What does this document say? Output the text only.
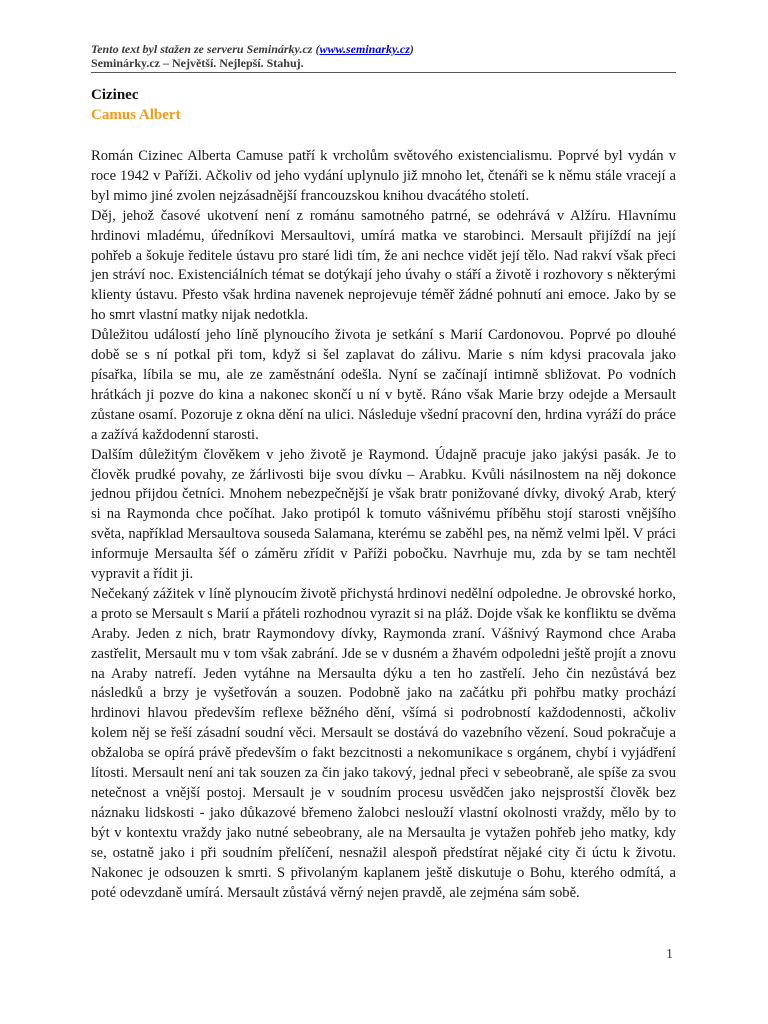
Tento text byl stažen ze serveru Seminárky.cz (www.seminarky.cz)
Seminárky.cz – Největší. Nejlepší. Stahuj.
Cizinec
Camus Albert

Román Cizinec Alberta Camuse patří k vrcholům světového existencialismu. Poprvé byl vydán v roce 1942 v Paříži. Ačkoliv od jeho vydání uplynulo již mnoho let, čtenáři se k němu stále vracejí a byl mimo jiné zvolen nejzásadnější francouzskou knihou dvacátého století.

Děj, jehož časové ukotvení není z románu samotného patrné, se odehrává v Alžíru. Hlavnímu hrdinovi mladému, úředníkovi Mersaultovi, umírá matka ve starobinci. Mersault přijíždí na její pohřeb a šokuje ředitele ústavu pro staré lidi tím, že ani nechce vidět její tělo. Nad rakví však přeci jen stráví noc. Existenciálních témat se dotýkají jeho úvahy o stáří a životě i rozhovory s některými klienty ústavu. Přesto však hrdina navenek neprojevuje téměř žádné pohnutí ani emoce. Jako by se ho smrt vlastní matky nijak nedotkla.

Důležitou událostí jeho líně plynoucího života je setkání s Marií Cardonovou. Poprvé po dlouhé době se s ní potkal při tom, když si šel zaplavat do zálivu. Marie s ním kdysi pracovala jako písařka, líbila se mu, ale ze zaměstnání odešla. Nyní se začínají intimně sbližovat. Po vodních hrátkách ji pozve do kina a nakonec skončí u ní v bytě. Ráno však Marie brzy odejde a Mersault zůstane osamí. Pozoruje z okna dění na ulici. Následuje všední pracovní den, hrdina vyráží do práce a zažívá každodenní starosti.

Dalším důležitým člověkem v jeho životě je Raymond. Údajně pracuje jako jakýsi pasák. Je to člověk prudké povahy, ze žárlivosti bije svou dívku – Arabku. Kvůli násilnostem na něj dokonce jednou přijdou četníci. Mnohem nebezpečnější je však bratr ponižované dívky, divoký Arab, který si na Raymonda chce počíhat. Jako protipól k tomuto vášnivému příběhu stojí starosti vnějšího světa, například Mersaultova souseda Salamana, kterému se zaběhl pes, na němž velmi lpěl. V práci informuje Mersaulta šéf o záměru zřídit v Paříži pobočku. Navrhuje mu, zda by se tam nechtěl vypravit a řídit ji.

Nečekaný zážitek v líně plynoucím životě přichystá hrdinovi nedělní odpoledne. Je obrovské horko, a proto se Mersault s Marií a přáteli rozhodnou vyrazit si na pláž. Dojde však ke konfliktu se dvěma Araby. Jeden z nich, bratr Raymondovy dívky, Raymonda zraní. Vášnivý Raymond chce Araba zastřelit, Mersault mu v tom však zabrání. Jde se v dusném a žhavém odpoledni ještě projít a znovu na Araby natrefí. Jeden vytáhne na Mersaulta dýku a ten ho zastřelí. Jeho čin nezůstává bez následků a brzy je vyšetřován a souzen. Podobně jako na začátku při pohřbu matky prochází hrdinovi hlavou především reflexe běžného dění, všímá si podrobností každodennosti, ačkoliv kolem něj se řeší zásadní soudní věci. Mersault se dostává do vazebního vězení. Soud pokračuje a obžaloba se opírá právě především o fakt bezcitnosti a nekomunikace s orgánem, chybí i vyjádření lítosti. Mersault není ani tak souzen za čin jako takový, jednal přeci v sebeobraně, ale spíše za svou netečnost a vnější postoj. Mersault je v soudním procesu usvědčen jako nejsprostší člověk bez náznaku lidskosti - jako důkazové břemeno žalobci neslouží vlastní okolnosti vraždy, mělo by to být v kontextu vraždy jako nutné sebeobrany, ale na Mersaulta je vytažen pohřeb jeho matky, kdy se, ostatně jako i při soudním přelíčení, nesnažil alespoň předstírat nějaké city či úctu k životu. Nakonec je odsouzen k smrti. S přivolaným kaplanem ještě diskutuje o Bohu, kterého odmítá, a poté odevzdaně umírá. Mersault zůstává věrný nejen pravdě, ale zejména sám sobě.

1
